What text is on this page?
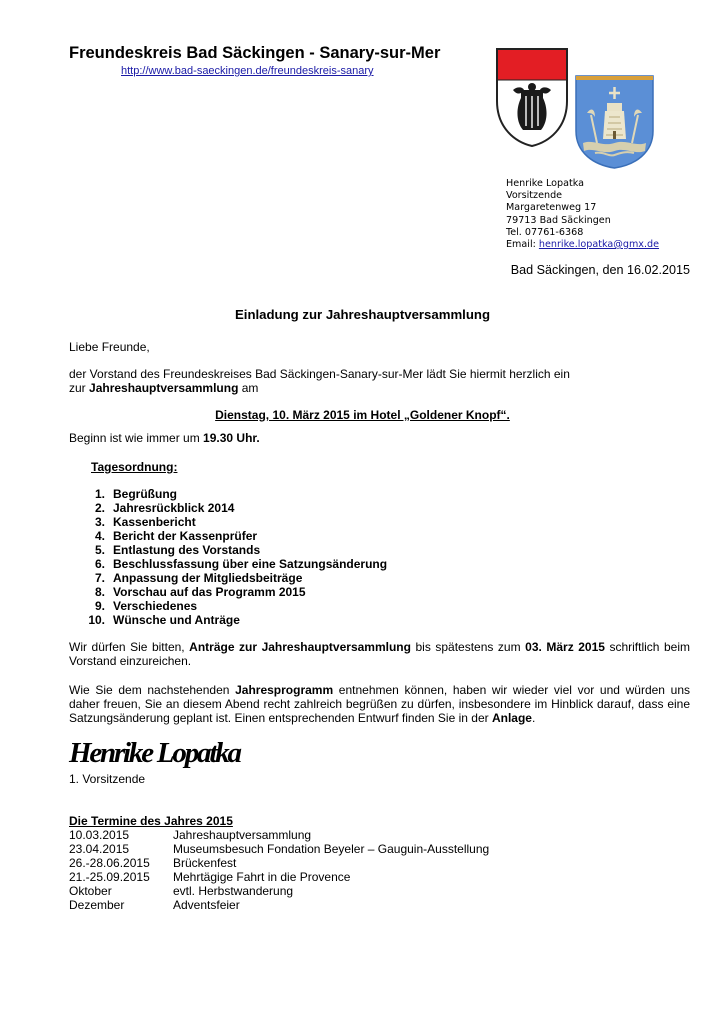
Freundeskreis Bad Säckingen - Sanary-sur-Mer
http://www.bad-saeckingen.de/freundeskreis-sanary
Henrike Lopatka
Vorsitzende
Margaretenweg 17
79713 Bad Säckingen
Tel. 07761-6368
Email: henrike.lopatka@gmx.de
Bad Säckingen, den 16.02.2015
Einladung zur Jahreshauptversammlung
Liebe Freunde,
der Vorstand des Freundeskreises Bad Säckingen-Sanary-sur-Mer lädt Sie hiermit herzlich ein
zur Jahreshauptversammlung am
Dienstag, 10. März 2015 im Hotel „Goldener Knopf“.
Beginn ist wie immer um 19.30 Uhr.
Tagesordnung:
1. Begrüßung
2. Jahresrückblick 2014
3. Kassenbericht
4. Bericht der Kassenprüfer
5. Entlastung des Vorstands
6. Beschlussfassung über eine Satzungsänderung
7. Anpassung der Mitgliedsbeiträge
8. Vorschau auf das Programm 2015
9. Verschiedenes
10. Wünsche und Anträge
Wir dürfen Sie bitten, Anträge zur Jahreshauptversammlung bis spätestens zum 03. März 2015 schriftlich beim Vorstand einzureichen.
Wie Sie dem nachstehenden Jahresprogramm entnehmen können, haben wir wieder viel vor und würden uns daher freuen, Sie an diesem Abend recht zahlreich begrüßen zu dürfen, insbesondere im Hinblick darauf, dass eine Satzungsänderung geplant ist. Einen entsprechenden Entwurf finden Sie in der Anlage.
Henrike Lopatka
1. Vorsitzende
Die Termine des Jahres 2015
10.03.2015	Jahreshauptversammlung
23.04.2015	Museumsbesuch Fondation Beyeler – Gauguin-Ausstellung
26.-28.06.2015	Brückenfest
21.-25.09.2015	Mehrtägige Fahrt in die Provence
Oktober	evtl. Herbstwanderung
Dezember	Adventsfeier
